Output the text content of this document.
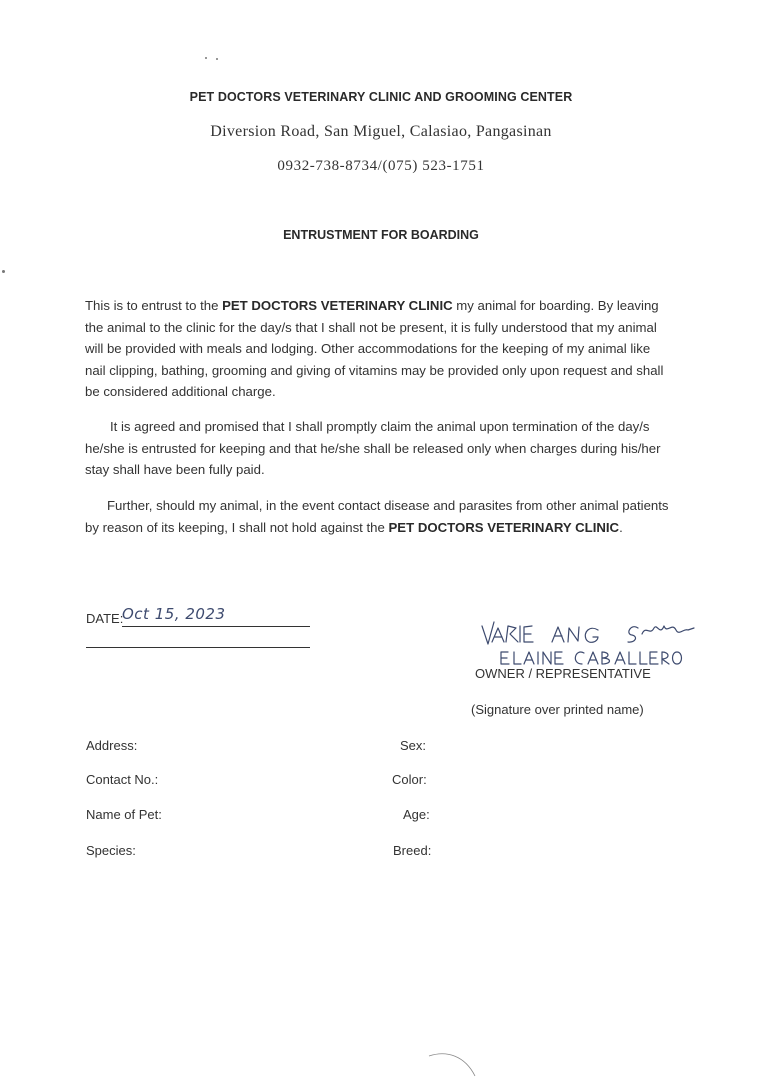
PET DOCTORS VETERINARY CLINIC AND GROOMING CENTER
Diversion Road, San Miguel, Calasiao, Pangasinan
0932-738-8734/(075) 523-1751
ENTRUSTMENT FOR BOARDING
This is to entrust to the PET DOCTORS VETERINARY CLINIC my animal for boarding. By leaving the animal to the clinic for the day/s that I shall not be present, it is fully understood that my animal will be provided with meals and lodging. Other accommodations for the keeping of my animal like nail clipping, bathing, grooming and giving of vitamins may be provided only upon request and shall be considered additional charge.
It is agreed and promised that I shall promptly claim the animal upon termination of the day/s he/she is entrusted for keeping and that he/she shall be released only when charges during his/her stay shall have been fully paid.
Further, should my animal, in the event contact disease and parasites from other animal patients by reason of its keeping, I shall not hold against the PET DOCTORS VETERINARY CLINIC.
DATE:
Oct 15, 2023
OWNER / REPRESENTATIVE
(Signature over printed name)
Address:
Contact No.:
Name of Pet:
Species:
Sex:
Color:
Age:
Breed:
